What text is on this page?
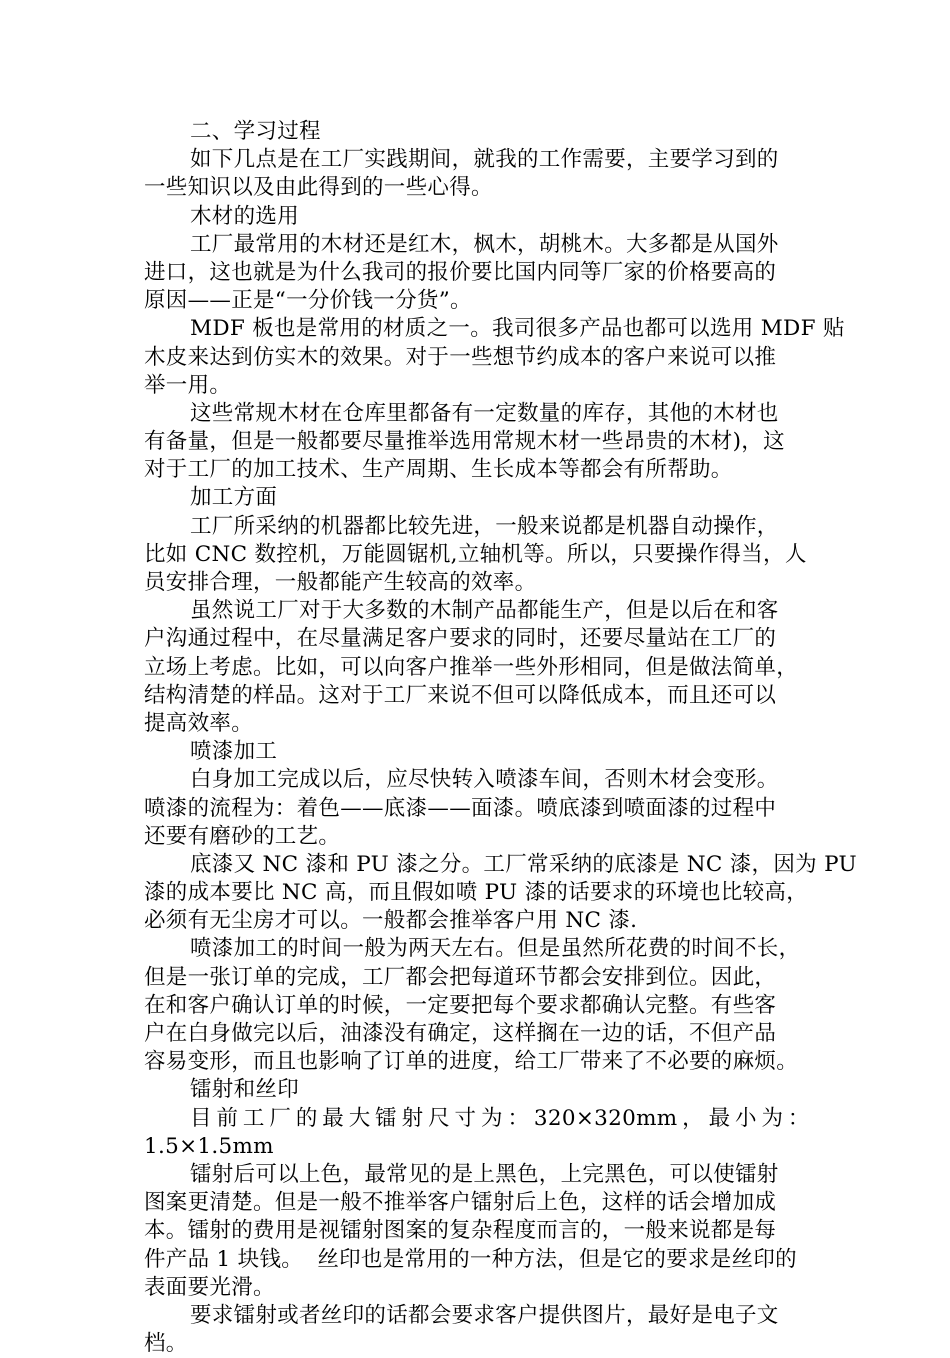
二、学习过程
如下几点是在工厂实践期间，就我的工作需要，主要学习到的
一些知识以及由此得到的一些心得。
木材的选用
工厂最常用的木材还是红木，枫木，胡桃木。大多都是从国外
进口，这也就是为什么我司的报价要比国内同等厂家的价格要高的
原因——正是“一分价钱一分货”。
MDF 板也是常用的材质之一。我司很多产品也都可以选用 MDF 贴
木皮来达到仿实木的效果。对于一些想节约成本的客户来说可以推
举一用。
这些常规木材在仓库里都备有一定数量的库存，其他的木材也
有备量，但是一般都要尽量推举选用常规木材一些昂贵的木材)，这
对于工厂的加工技术、生产周期、生长成本等都会有所帮助。
加工方面
工厂所采纳的机器都比较先进，一般来说都是机器自动操作，
比如 CNC 数控机，万能圆锯机,立轴机等。所以，只要操作得当，人
员安排合理，一般都能产生较高的效率。
虽然说工厂对于大多数的木制产品都能生产，但是以后在和客
户沟通过程中，在尽量满足客户要求的同时，还要尽量站在工厂的
立场上考虑。比如，可以向客户推举一些外形相同，但是做法简单，
结构清楚的样品。这对于工厂来说不但可以降低成本，而且还可以
提高效率。
喷漆加工
白身加工完成以后，应尽快转入喷漆车间，否则木材会变形。
喷漆的流程为：着色——底漆——面漆。喷底漆到喷面漆的过程中
还要有磨砂的工艺。
底漆又 NC 漆和 PU 漆之分。工厂常采纳的底漆是 NC 漆，因为 PU
漆的成本要比 NC 高，而且假如喷 PU 漆的话要求的环境也比较高，
必须有无尘房才可以。一般都会推举客户用 NC 漆.
喷漆加工的时间一般为两天左右。但是虽然所花费的时间不长，
但是一张订单的完成，工厂都会把每道环节都会安排到位。因此，
在和客户确认订单的时候，一定要把每个要求都确认完整。有些客
户在白身做完以后，油漆没有确定，这样搁在一边的话，不但产品
容易变形，而且也影响了订单的进度，给工厂带来了不必要的麻烦。
镭射和丝印
目 前 工 厂 的 最 大 镭 射 尺 寸 为 ： 320×320mm ， 最 小 为 ：
1.5×1.5mm
镭射后可以上色，最常见的是上黑色，上完黑色，可以使镭射
图案更清楚。但是一般不推举客户镭射后上色，这样的话会增加成
本。镭射的费用是视镭射图案的复杂程度而言的，一般来说都是每
件产品 1 块钱。  丝印也是常用的一种方法，但是它的要求是丝印的
表面要光滑。
要求镭射或者丝印的话都会要求客户提供图片，最好是电子文
档。
